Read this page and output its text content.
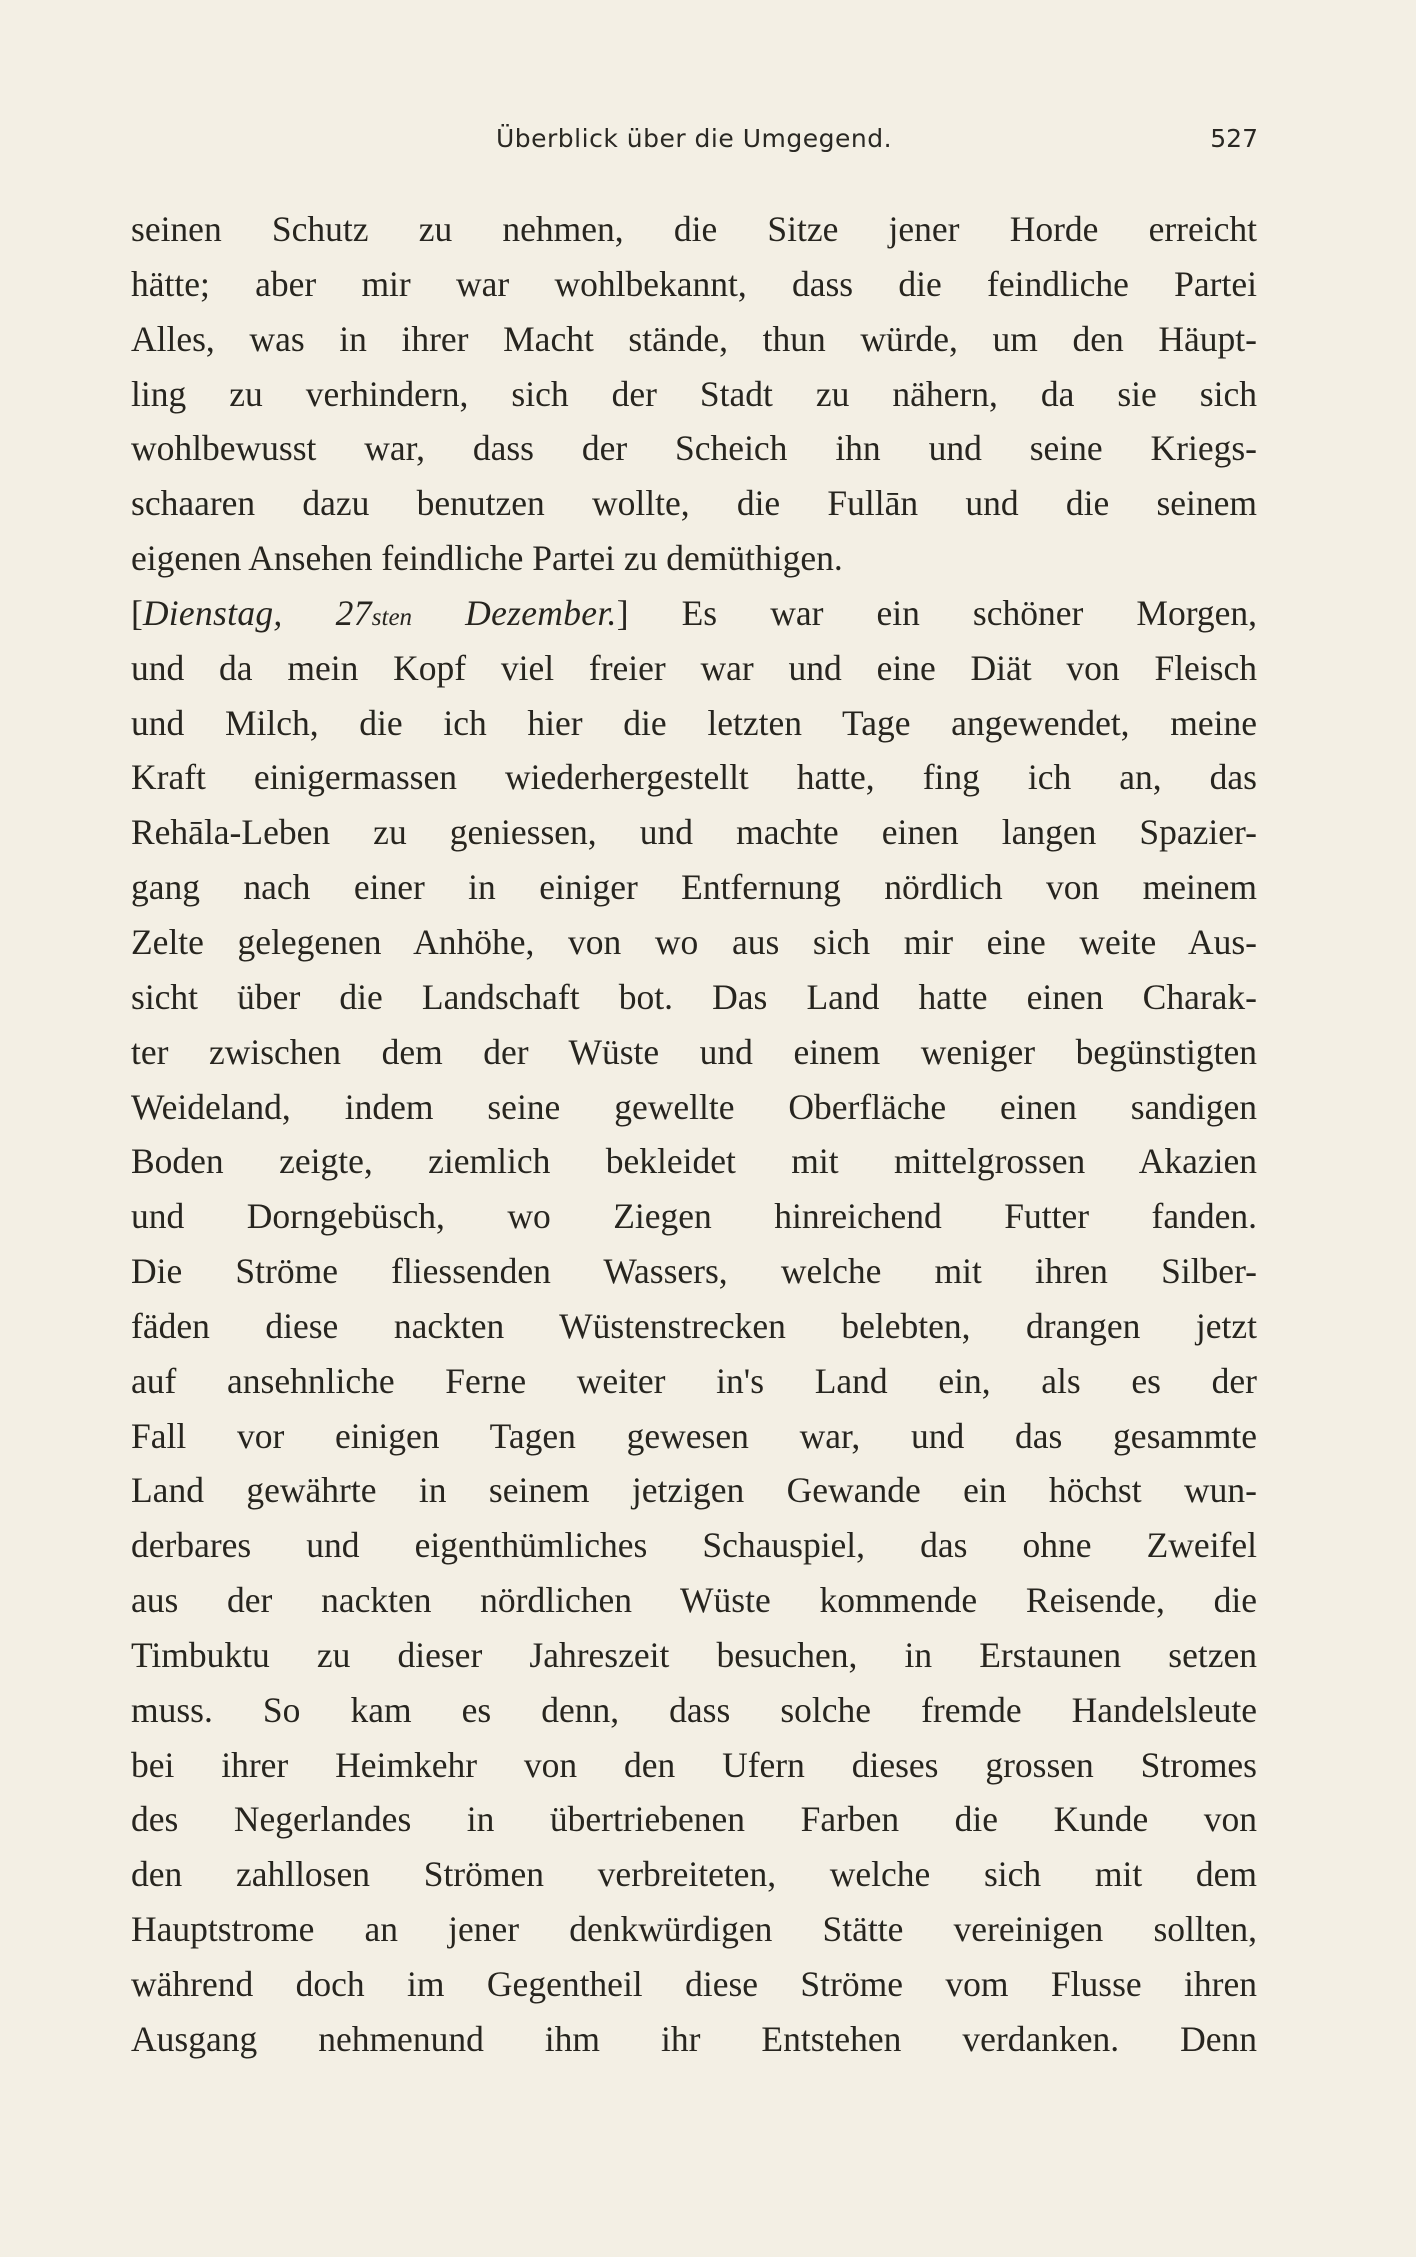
Überblick über die Umgegend.	527
seinen Schutz zu nehmen, die Sitze jener Horde erreicht
hätte; aber mir war wohlbekannt, dass die feindliche Partei
Alles, was in ihrer Macht stände, thun würde, um den Häupt-
ling zu verhindern, sich der Stadt zu nähern, da sie sich
wohlbewusst war, dass der Scheich ihn und seine Kriegs-
schaaren dazu benutzen wollte, die Fullān und die seinem
eigenen Ansehen feindliche Partei zu demüthigen.
[Dienstag, 27sten Dezember.] Es war ein schöner Morgen,
und da mein Kopf viel freier war und eine Diät von Fleisch
und Milch, die ich hier die letzten Tage angewendet, meine
Kraft einigermassen wiederhergestellt hatte, fing ich an, das
Rehāla-Leben zu geniessen, und machte einen langen Spazier-
gang nach einer in einiger Entfernung nördlich von meinem
Zelte gelegenen Anhöhe, von wo aus sich mir eine weite Aus-
sicht über die Landschaft bot. Das Land hatte einen Charak-
ter zwischen dem der Wüste und einem weniger begünstigten
Weideland, indem seine gewellte Oberfläche einen sandigen
Boden zeigte, ziemlich bekleidet mit mittelgrossen Akazien
und Dorngebüsch, wo Ziegen hinreichend Futter fanden.
Die Ströme fliessenden Wassers, welche mit ihren Silber-
fäden diese nackten Wüstenstrecken belebten, drangen jetzt
auf ansehnliche Ferne weiter in's Land ein, als es der
Fall vor einigen Tagen gewesen war, und das gesammte
Land gewährte in seinem jetzigen Gewande ein höchst wun-
derbares und eigenthümliches Schauspiel, das ohne Zweifel
aus der nackten nördlichen Wüste kommende Reisende, die
Timbuktu zu dieser Jahreszeit besuchen, in Erstaunen setzen
muss. So kam es denn, dass solche fremde Handelsleute
bei ihrer Heimkehr von den Ufern dieses grossen Stromes
des Negerlandes in übertriebenen Farben die Kunde von
den zahllosen Strömen verbreiteten, welche sich mit dem
Hauptstrome an jener denkwürdigen Stätte vereinigen sollten,
während doch im Gegentheil diese Ströme vom Flusse ihren
Ausgang nehmenund ihm ihr Entstehen verdanken. Denn
